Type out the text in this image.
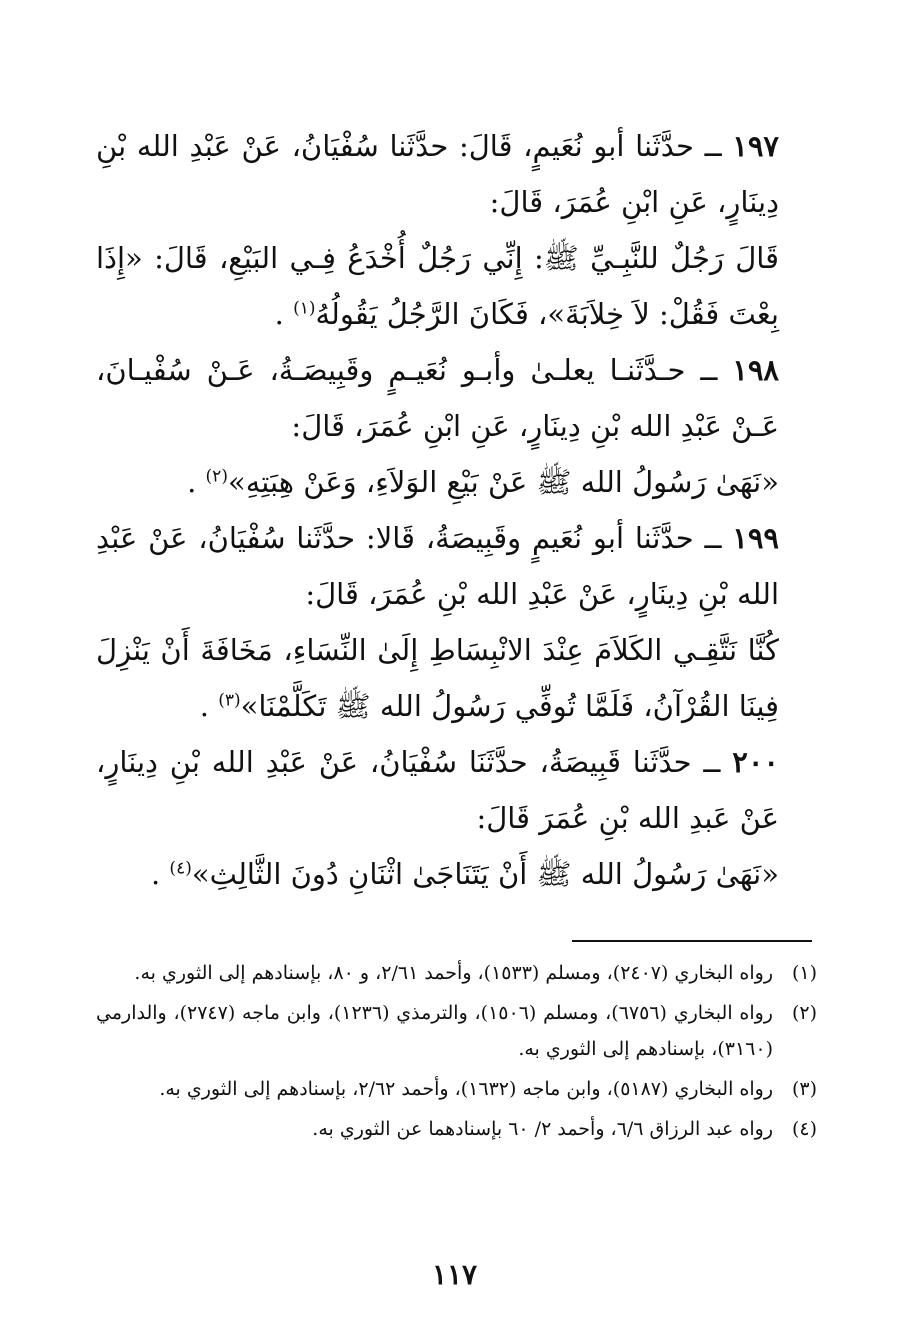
١٩٧ ــ حدَّثَنا أبو نُعَيمٍ، قَالَ: حدَّثَنا سُفْيَانُ، عَنْ عَبْدِ الله بْنِ دِينَارٍ، عَنِ ابْنِ عُمَرَ، قَالَ:

قَالَ رَجُلٌ للنَّبِـيِّ ﷺ: إِنِّي رَجُلٌ أُخْدَعُ فِـي البَيْعِ، قَالَ: «إِذَا بِعْتَ فَقُلْ: لاَ خِلاَبَةَ»، فَكَانَ الرَّجُلُ يَقُولُهُ$^{(١)}$ .

١٩٨ ــ حـدَّثَنـا يعلـىٰ وأبـو نُعَيـمٍ وقَبِيصَـةُ، عَـنْ سُفْيـانَ، عَـنْ عَبْدِ الله بْنِ دِينَارٍ، عَنِ ابْنِ عُمَرَ، قَالَ:

«نَهَىٰ رَسُولُ الله ﷺ عَنْ بَيْعِ الوَلاَءِ، وَعَنْ هِبَتِهِ»$^{(٢)}$ .

١٩٩ ــ حدَّثَنا أبو نُعَيمٍ وقَبِيصَةُ، قَالا: حدَّثَنا سُفْيَانُ، عَنْ عَبْدِ الله بْنِ دِينَارٍ، عَنْ عَبْدِ الله بْنِ عُمَرَ، قَالَ:

كُنَّا نَتَّقِـي الكَلاَمَ عِنْدَ الانْبِسَاطِ إِلَىٰ النِّسَاءِ، مَخَافَةَ أَنْ يَنْزِلَ فِينَا القُرْآنُ، فَلَمَّا تُوفِّي رَسُولُ الله ﷺ تَكَلَّمْنَا»$^{(٣)}$ .

٢٠٠ ــ حدَّثَنا قَبِيصَةُ، حدَّثَنَا سُفْيَانُ، عَنْ عَبْدِ الله بْنِ دِينَارٍ، عَنْ عَبدِ الله بْنِ عُمَرَ قَالَ:

«نَهَىٰ رَسُولُ الله ﷺ أَنْ يَتَنَاجَىٰ اثْنَانِ دُونَ الثَّالِثِ»$^{(٤)}$ .

(١)
رواه البخاري (٢٤٠٧)، ومسلم (١٥٣٣)، وأحمد ٢/٦١، و ٨٠، بإسنادهم إلى الثوري به.
(٢)
رواه البخاري (٦٧٥٦)، ومسلم (١٥٠٦)، والترمذي (١٢٣٦)، وابن ماجه (٢٧٤٧)، والدارمي (٣١٦٠)، بإسنادهم إلى الثوري به.
(٣)
رواه البخاري (٥١٨٧)، وابن ماجه (١٦٣٢)، وأحمد ٢/٦٢، بإسنادهم إلى الثوري به.
(٤)
رواه عبد الرزاق ٦/٦، وأحمد ٢/ ٦٠ بإسنادهما عن الثوري به.
١١٧
